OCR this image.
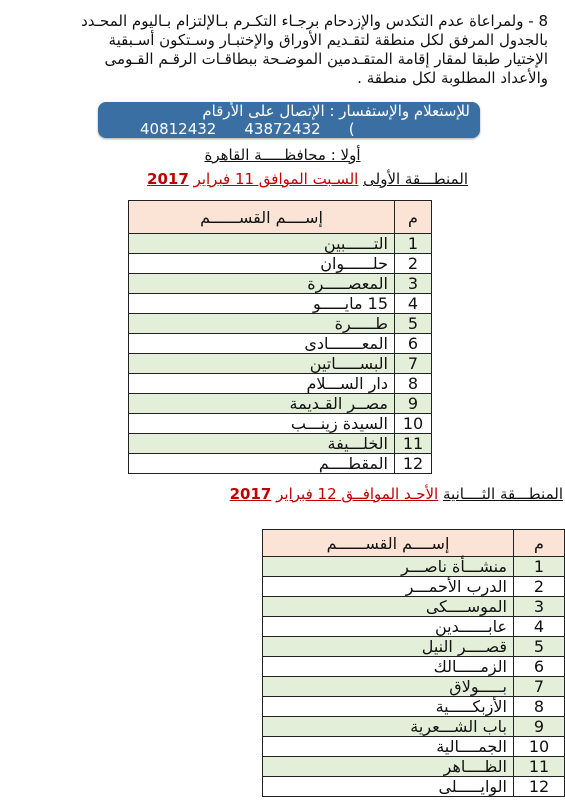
8 - ولمراعاة عدم التكدس والإزدحام برجـاء التكـرم بـالإلتزام بـاليوم المحـدد
بالجدول المرفق لكل منطقة لتقـديم الأوراق والإختبـار وسـتكون أسـبقية
الإختيار طبقا لمقار إقامة المتقـدمين الموضـحة ببطاقـات الرقـم القـومى
والأعداد المطلوبة لكل منطقة .
للإستعلام والإستفسار : الإتصال على الأرقام
40812432 43872432 (
أولا : محافظـــــة القاهرة
المنطـــقة الأولى السـبت الموافق 11 فبراير 2017
م	إســــم القســــــم
1	التــــــبين
2	حلــــــوان
3	المعصـــــرة
4	15 مايـــــو
5	طـــــرة
6	المعـــــــادى
7	البســـــاتين
8	دار الســـلام
9	مصــر القـديمة
10	السيدة زينـــب
11	الخلـــيفة
12	المقطــــم
المنطـــقة الثــــانية الأحـد الموافــق 12 فبراير 2017
م	إســــم القســــــم
1	منشـــأة ناصـــر
2	الدرب الأحمـــر
3	الموســــكى
4	عابــــــدين
5	قصــــر النيل
6	الزمـــــالك
7	بـــــولاق
8	الأزبكـــــية
9	باب الشـــعرية
10	الجمــــالية
11	الظــــاهر
12	الوايـــــلى
